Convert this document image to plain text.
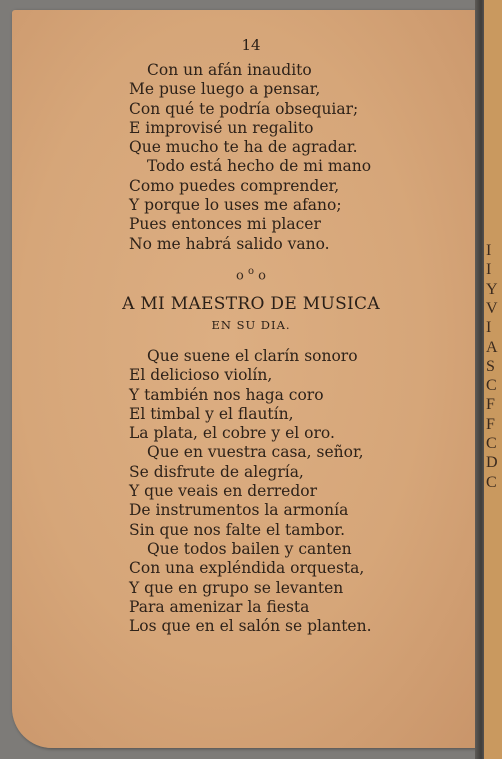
I
I
Y
V
I
A
S
C
F
F
C
D
C
14
Con un afán inaudito
Me puse luego a pensar,
Con qué te podría obsequiar;
E improvisé un regalito
Que mucho te ha de agradar.
Todo está hecho de mi mano
Como puedes comprender,
Y porque lo uses me afano;
Pues entonces mi placer
No me habrá salido vano.
o $^o$ o
A MI MAESTRO DE MUSICA
EN SU DIA.
Que suene el clarín sonoro
El delicioso violín,
Y también nos haga coro
El timbal y el flautín,
La plata, el cobre y el oro.
Que en vuestra casa, señor,
Se disfrute de alegría,
Y que veais en derredor
De instrumentos la armonía
Sin que nos falte el tambor.
Que todos bailen y canten
Con una expléndida orquesta,
Y que en grupo se levanten
Para amenizar la fiesta
Los que en el salón se planten.
